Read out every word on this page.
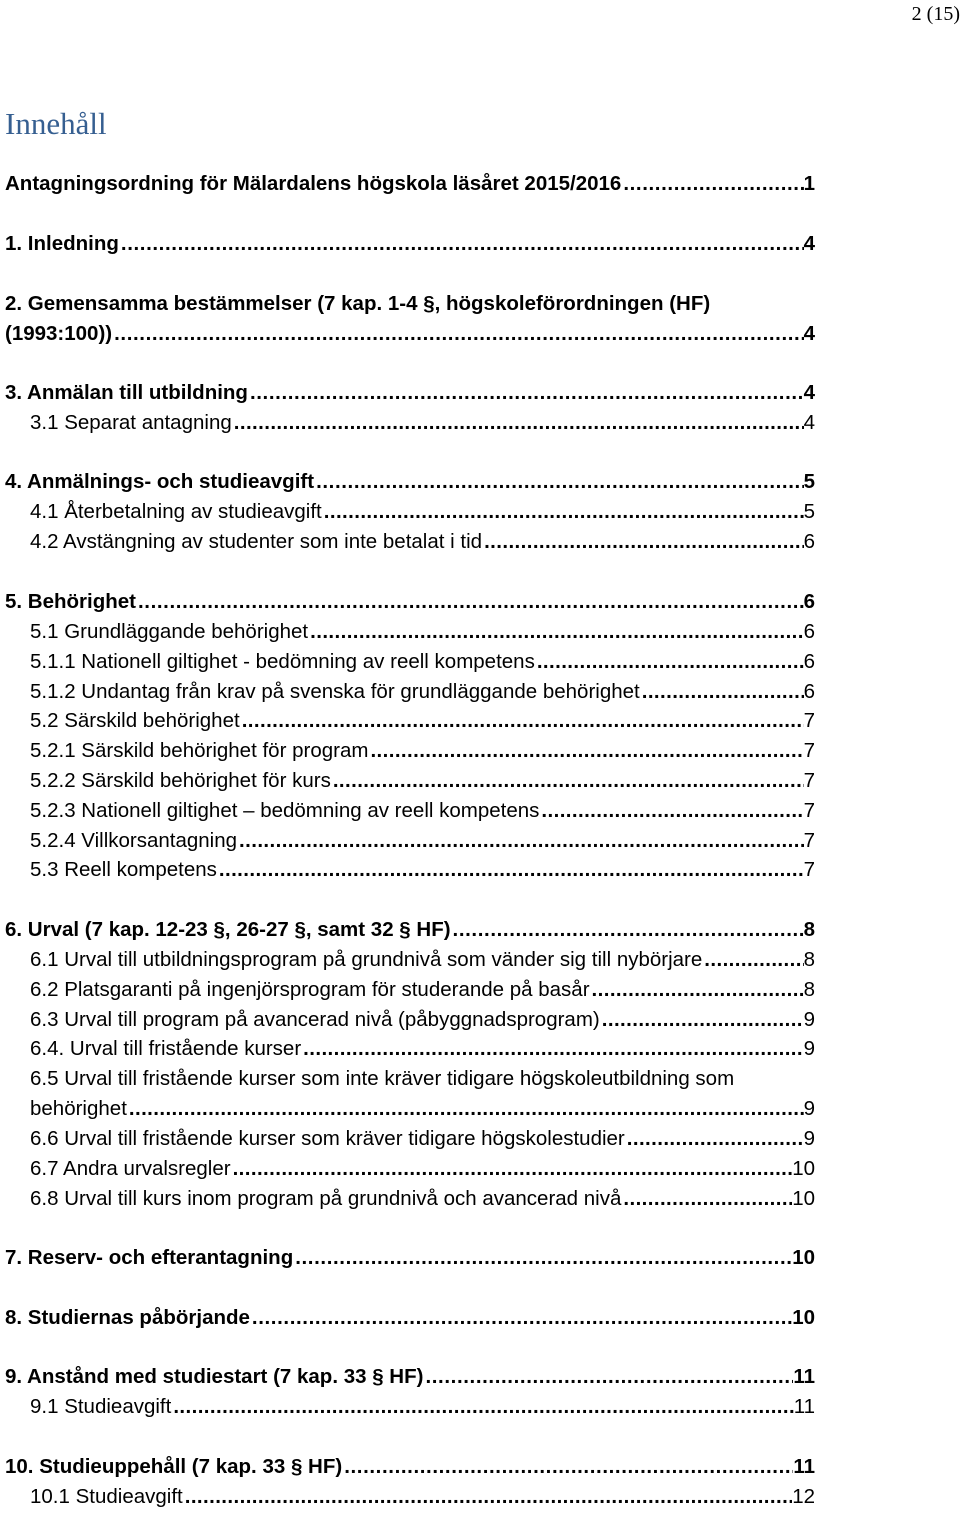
2 (15)
Innehåll
Antagningsordning för Mälardalens högskola läsåret 2015/2016 .....	1
1. Inledning .....	4
2. Gemensamma bestämmelser (7 kap. 1-4 §, högskoleförordningen (HF)
(1993:100)) .....	4
3. Anmälan till utbildning .....	4
3.1 Separat antagning .....	4
4. Anmälnings- och studieavgift .....	5
4.1 Återbetalning av studieavgift .....	5
4.2 Avstängning av studenter som inte betalat i tid .....	6
5. Behörighet .....	6
5.1 Grundläggande behörighet .....	6
5.1.1 Nationell giltighet - bedömning av reell kompetens .....	6
5.1.2 Undantag från krav på svenska för grundläggande behörighet .....	6
5.2 Särskild behörighet .....	7
5.2.1 Särskild behörighet för program .....	7
5.2.2 Särskild behörighet för kurs .....	7
5.2.3 Nationell giltighet – bedömning av reell kompetens .....	7
5.2.4 Villkorsantagning .....	7
5.3 Reell kompetens .....	7
6. Urval (7 kap. 12-23 §, 26-27 §, samt 32 § HF) .....	8
6.1 Urval till utbildningsprogram på grundnivå som vänder sig till nybörjare .....	8
6.2 Platsgaranti på ingenjörsprogram för studerande på basår .....	8
6.3 Urval till program på avancerad nivå (påbyggnadsprogram) .....	9
6.4. Urval till fristående kurser .....	9
6.5 Urval till fristående kurser som inte kräver tidigare högskoleutbildning som
behörighet .....	9
6.6 Urval till fristående kurser som kräver tidigare högskolestudier .....	9
6.7 Andra urvalsregler .....	10
6.8 Urval till kurs inom program på grundnivå och avancerad nivå .....	10
7. Reserv- och efterantagning .....	10
8. Studiernas påbörjande .....	10
9. Anstånd med studiestart (7 kap. 33 § HF) .....	11
9.1 Studieavgift .....	11
10. Studieuppehåll (7 kap. 33 § HF) .....	11
10.1 Studieavgift .....	12
